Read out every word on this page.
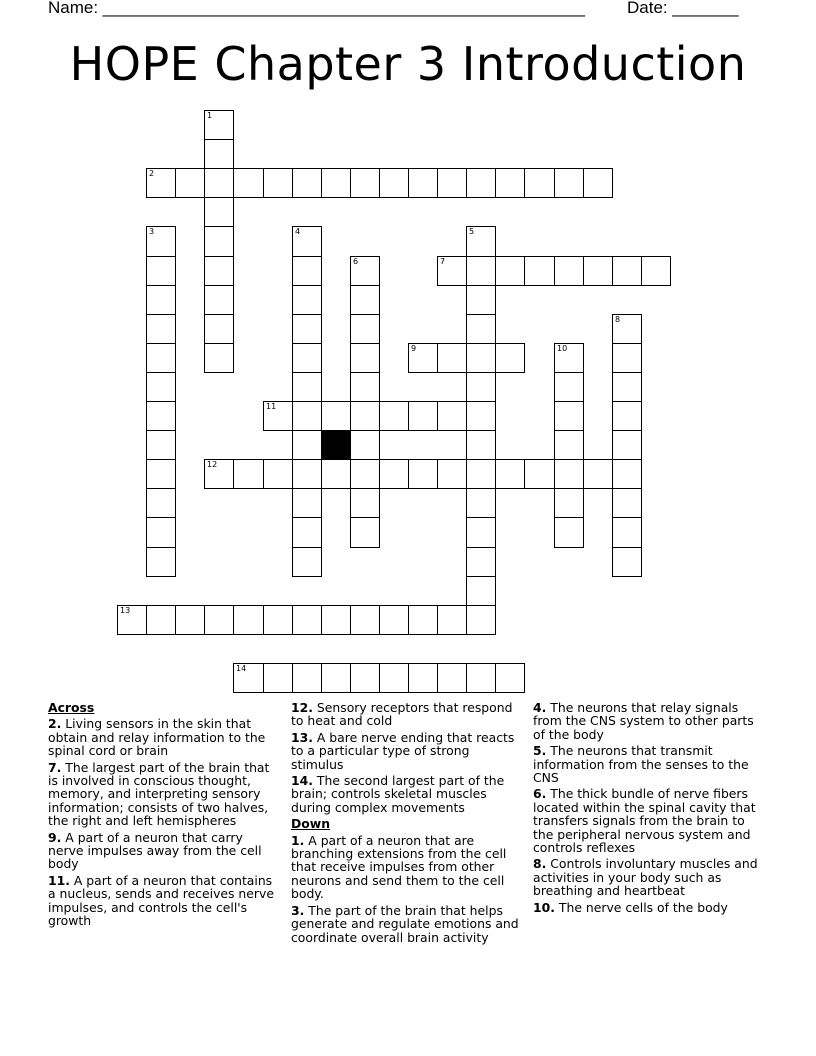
Name: ___________________________________________________ Date: _______
HOPE Chapter 3 Introduction
1
2
3	4	5
6	7
8
9	10
11
12
13
14
Across
2. Living sensors in the skin that obtain and relay information to the spinal cord or brain
7. The largest part of the brain that is involved in conscious thought, memory, and interpreting sensory information; consists of two halves, the right and left hemispheres
9. A part of a neuron that carry nerve impulses away from the cell body
11. A part of a neuron that contains a nucleus, sends and receives nerve impulses, and controls the cell's growth
12. Sensory receptors that respond to heat and cold
13. A bare nerve ending that reacts to a particular type of strong stimulus
14. The second largest part of the brain; controls skeletal muscles during complex movements
Down
1. A part of a neuron that are branching extensions from the cell that receive impulses from other neurons and send them to the cell body.
3. The part of the brain that helps generate and regulate emotions and coordinate overall brain activity
4. The neurons that relay signals from the CNS system to other parts of the body
5. The neurons that transmit information from the senses to the CNS
6. The thick bundle of nerve fibers located within the spinal cavity that transfers signals from the brain to the peripheral nervous system and controls reflexes
8. Controls involuntary muscles and activities in your body such as breathing and heartbeat
10. The nerve cells of the body
